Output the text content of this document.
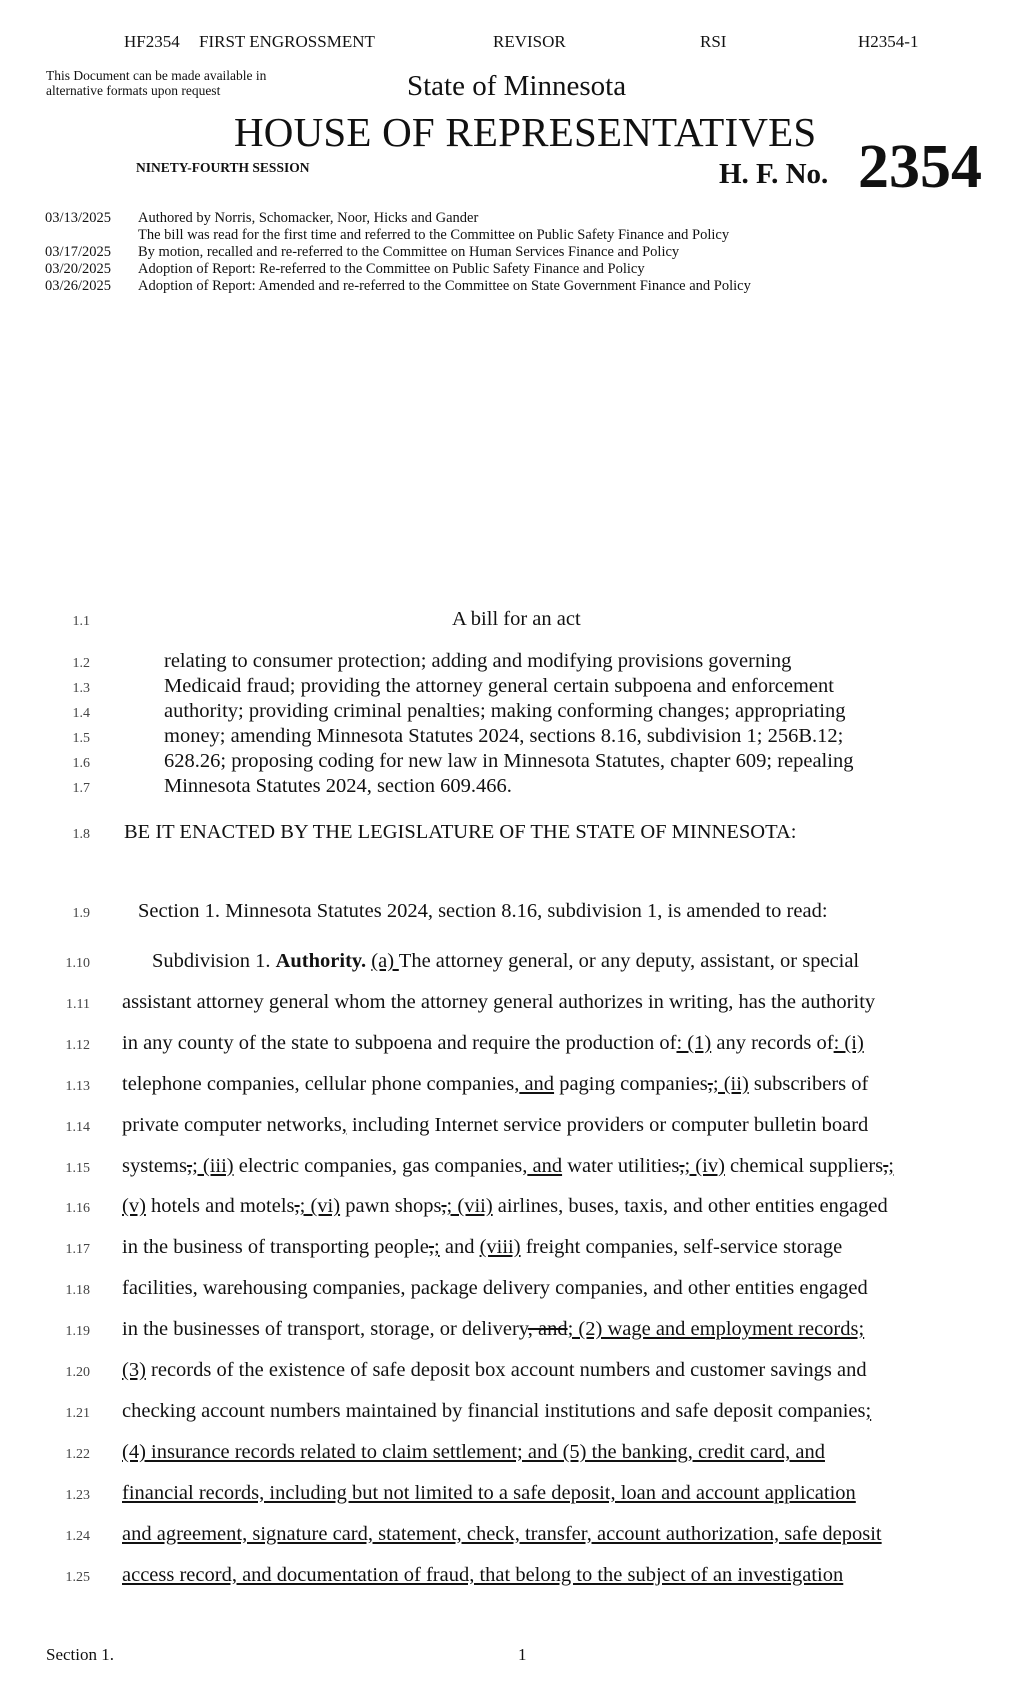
HF2354 FIRST ENGROSSMENT	REVISOR	RSI	H2354-1
This Document can be made available in alternative formats upon request	State of Minnesota
HOUSE OF REPRESENTATIVES
NINETY-FOURTH SESSION	H. F. No. 2354
03/13/2025 Authored by Norris, Schomacker, Noor, Hicks and Gander
The bill was read for the first time and referred to the Committee on Public Safety Finance and Policy
03/17/2025 By motion, recalled and re-referred to the Committee on Human Services Finance and Policy
03/20/2025 Adoption of Report: Re-referred to the Committee on Public Safety Finance and Policy
03/26/2025 Adoption of Report: Amended and re-referred to the Committee on State Government Finance and Policy
1.1	A bill for an act
1.2	relating to consumer protection; adding and modifying provisions governing
1.3	Medicaid fraud; providing the attorney general certain subpoena and enforcement
1.4	authority; providing criminal penalties; making conforming changes; appropriating
1.5	money; amending Minnesota Statutes 2024, sections 8.16, subdivision 1; 256B.12;
1.6	628.26; proposing coding for new law in Minnesota Statutes, chapter 609; repealing
1.7	Minnesota Statutes 2024, section 609.466.
1.8 BE IT ENACTED BY THE LEGISLATURE OF THE STATE OF MINNESOTA:
1.9 Section 1. Minnesota Statutes 2024, section 8.16, subdivision 1, is amended to read:
1.10	Subdivision 1. Authority. (a) The attorney general, or any deputy, assistant, or special
1.11 assistant attorney general whom the attorney general authorizes in writing, has the authority
1.12 in any county of the state to subpoena and require the production of: (1) any records of: (i)
1.13 telephone companies, cellular phone companies, and paging companies,; (ii) subscribers of
1.14 private computer networks, including Internet service providers or computer bulletin board
1.15 systems,; (iii) electric companies, gas companies, and water utilities,; (iv) chemical suppliers,;
1.16 (v) hotels and motels,; (vi) pawn shops,; (vii) airlines, buses, taxis, and other entities engaged
1.17 in the business of transporting people,; and (viii) freight companies, self-service storage
1.18 facilities, warehousing companies, package delivery companies, and other entities engaged
1.19 in the businesses of transport, storage, or delivery, and; (2) wage and employment records;
1.20 (3) records of the existence of safe deposit box account numbers and customer savings and
1.21 checking account numbers maintained by financial institutions and safe deposit companies;
1.22 (4) insurance records related to claim settlement; and (5) the banking, credit card, and
1.23 financial records, including but not limited to a safe deposit, loan and account application
1.24 and agreement, signature card, statement, check, transfer, account authorization, safe deposit
1.25 access record, and documentation of fraud, that belong to the subject of an investigation
Section 1.	1
